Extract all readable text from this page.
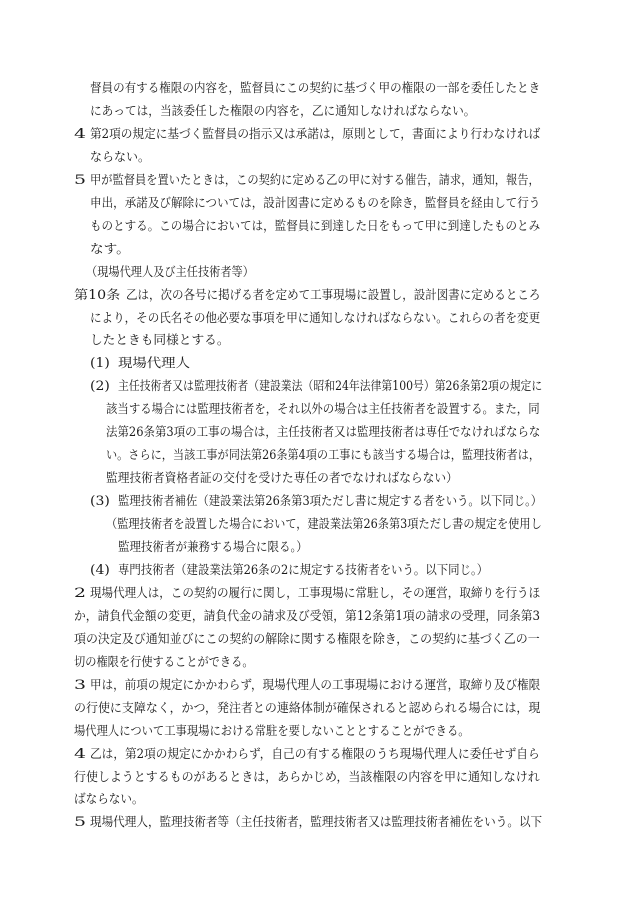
督員の有する権限の内容を，監督員にこの契約に基づく甲の権限の一部を委任したとき
にあっては，当該委任した権限の内容を，乙に通知しなければならない。
4 第2項の規定に基づく監督員の指示又は承諾は，原則として，書面により行わなければ
ならない。
5 甲が監督員を置いたときは，この契約に定める乙の甲に対する催告，請求，通知，報告，
申出，承諾及び解除については，設計図書に定めるものを除き，監督員を経由して行う
ものとする。この場合においては，監督員に到達した日をもって甲に到達したものとみ
なす。
（現場代理人及び主任技術者等）
第10条 乙は，次の各号に掲げる者を定めて工事現場に設置し，設計図書に定めるところ
により，その氏名その他必要な事項を甲に通知しなければならない。これらの者を変更
したときも同様とする。
(1) 現場代理人
(2) 主任技術者又は監理技術者（建設業法（昭和24年法律第100号）第26条第2項の規定に
該当する場合には監理技術者を，それ以外の場合は主任技術者を設置する。また，同
法第26条第3項の工事の場合は，主任技術者又は監理技術者は専任でなければならな
い。さらに，当該工事が同法第26条第4項の工事にも該当する場合は，監理技術者は，
監理技術者資格者証の交付を受けた専任の者でなければならない）
(3) 監理技術者補佐（建設業法第26条第3項ただし書に規定する者をいう。以下同じ。）
（監理技術者を設置した場合において，建設業法第26条第3項ただし書の規定を使用し
監理技術者が兼務する場合に限る。）
(4) 専門技術者（建設業法第26条の2に規定する技術者をいう。以下同じ。）
2 現場代理人は，この契約の履行に関し，工事現場に常駐し，その運営，取締りを行うほ
か，請負代金額の変更，請負代金の請求及び受領，第12条第1項の請求の受理，同条第3
項の決定及び通知並びにこの契約の解除に関する権限を除き，この契約に基づく乙の一
切の権限を行使することができる。
3 甲は，前項の規定にかかわらず，現場代理人の工事現場における運営，取締り及び権限
の行使に支障なく，かつ，発注者との連絡体制が確保されると認められる場合には，現
場代理人について工事現場における常駐を要しないこととすることができる。
4 乙は，第2項の規定にかかわらず，自己の有する権限のうち現場代理人に委任せず自ら
行使しようとするものがあるときは，あらかじめ，当該権限の内容を甲に通知しなけれ
ばならない。
5 現場代理人，監理技術者等（主任技術者，監理技術者又は監理技術者補佐をいう。以下
